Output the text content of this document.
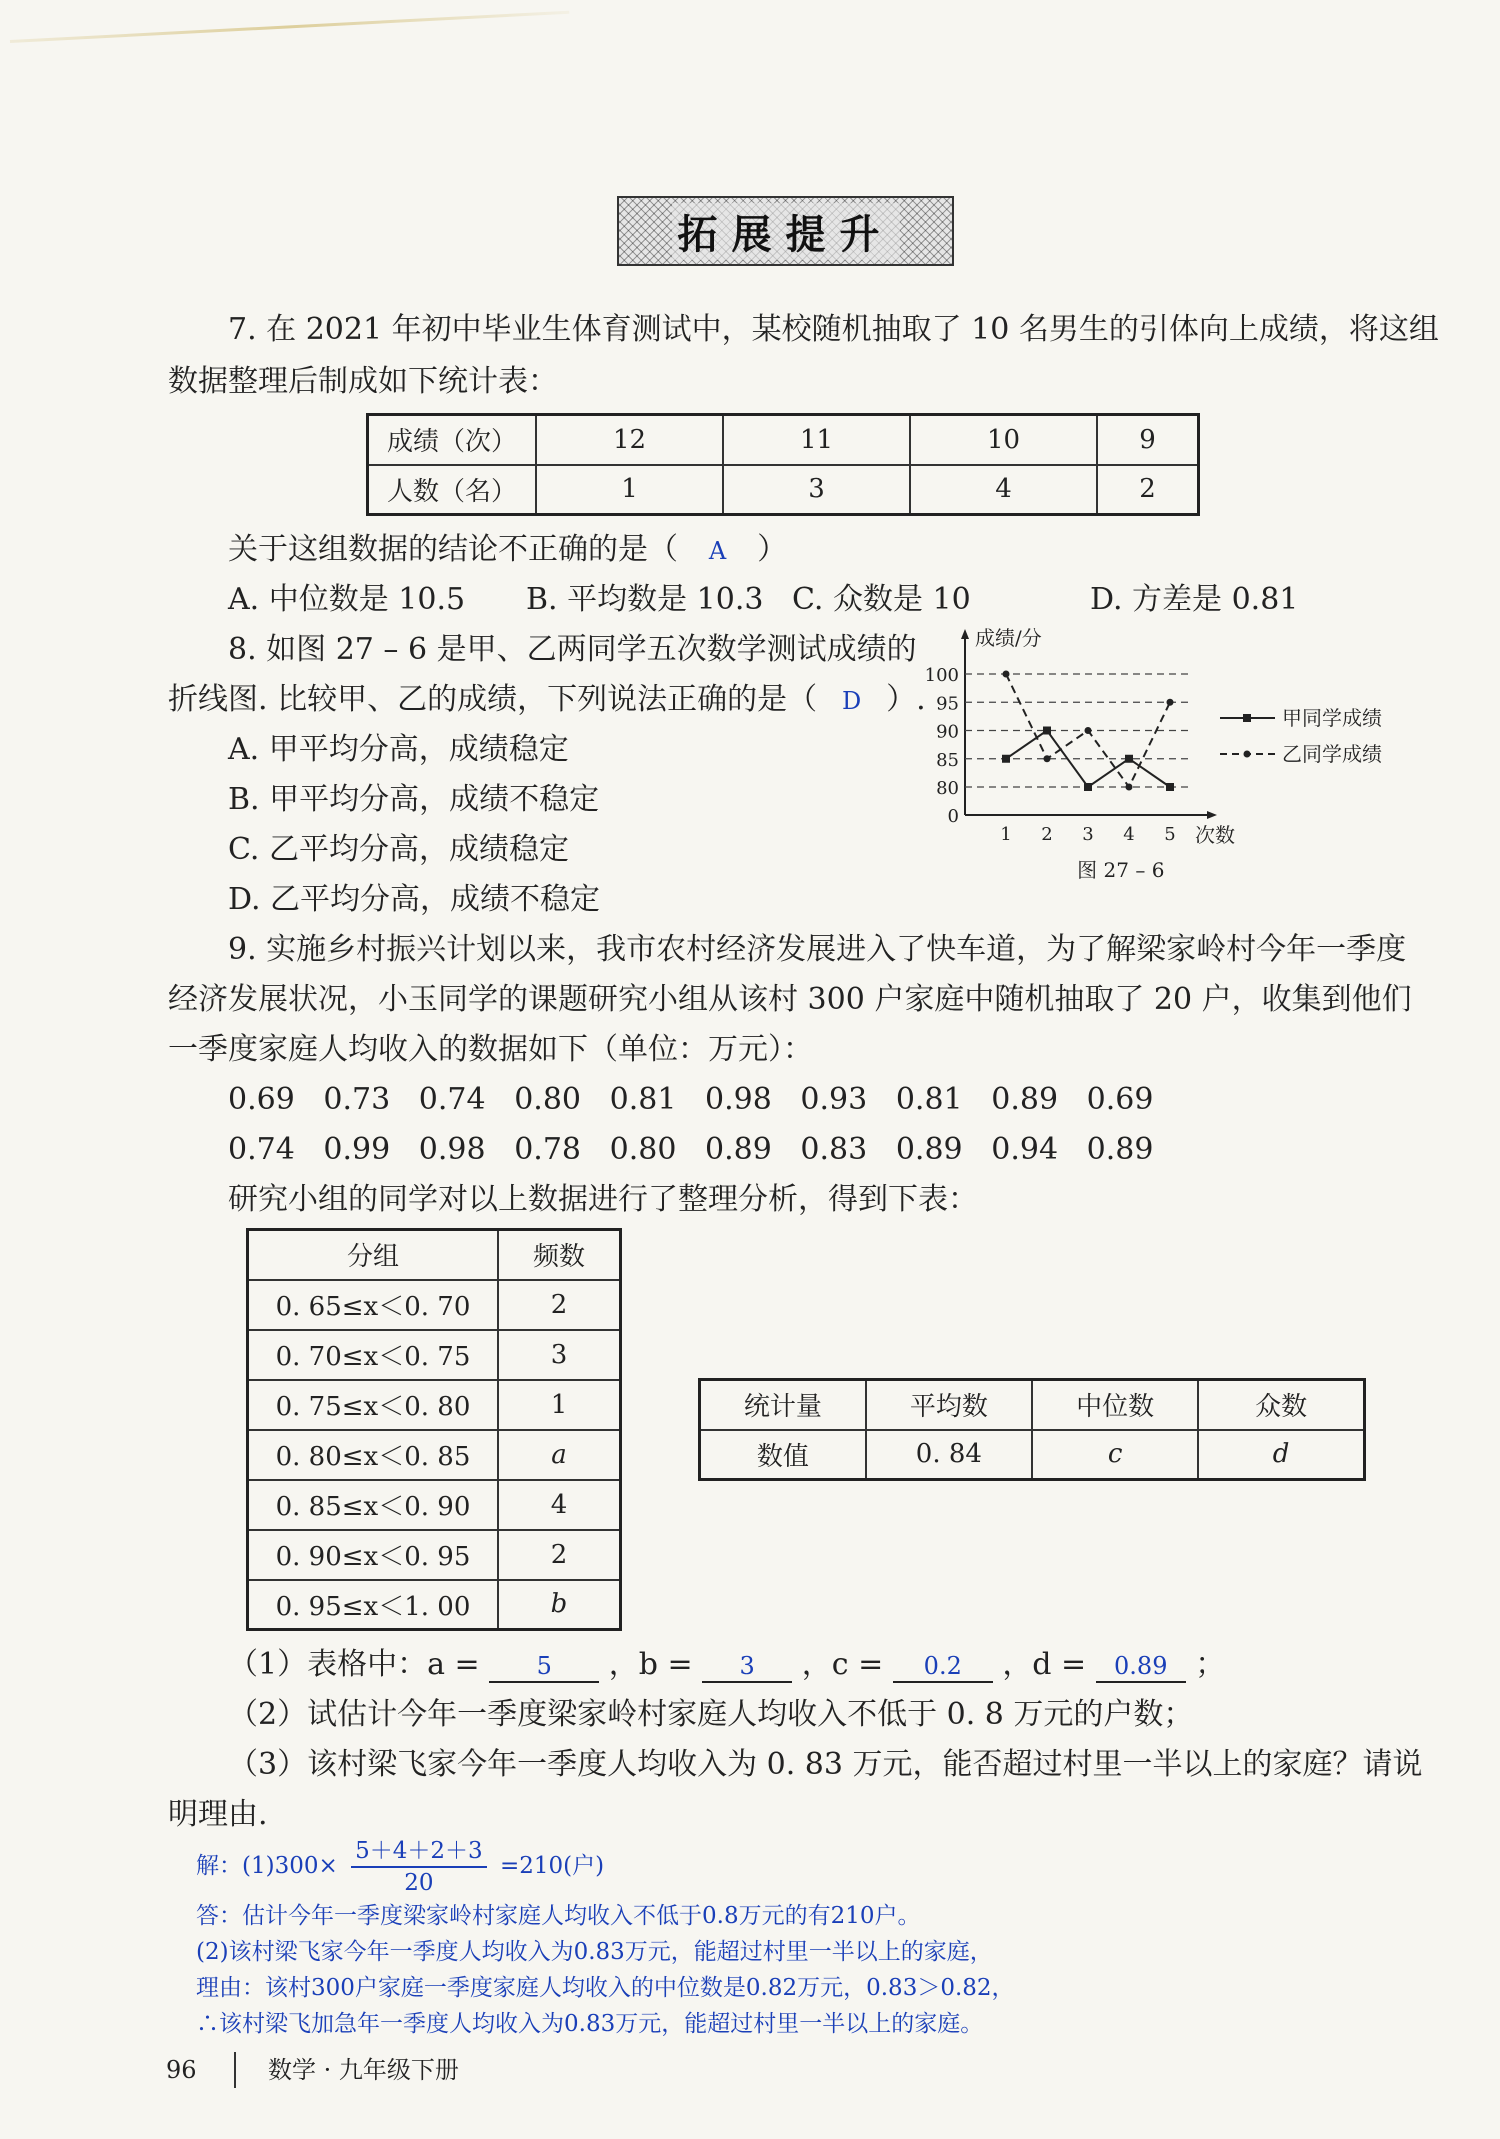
拓展提升
7. 在 2021 年初中毕业生体育测试中，某校随机抽取了 10 名男生的引体向上成绩，将这组
数据整理后制成如下统计表：
成绩（次）	12	11	10	9
人数（名）	1	3	4	2
关于这组数据的结论不正确的是（ A ）
A. 中位数是 10.5 B. 平均数是 10.3 C. 众数是 10	D. 方差是 0.81
8. 如图 27 – 6 是甲、乙两同学五次数学测试成绩的
折线图. 比较甲、乙的成绩，下列说法正确的是（ D ）.
A. 甲平均分高，成绩稳定
B. 甲平均分高，成绩不稳定
C. 乙平均分高，成绩稳定
D. 乙平均分高，成绩不稳定
0
80
85
90
95
100
1 2 3 4 5
成绩/分
次数
图 27 – 6
甲同学成绩
乙同学成绩
9. 实施乡村振兴计划以来，我市农村经济发展进入了快车道，为了解梁家岭村今年一季度
经济发展状况，小玉同学的课题研究小组从该村 300 户家庭中随机抽取了 20 户，收集到他们
一季度家庭人均收入的数据如下（单位：万元）：
0.69   0.73   0.74   0.80   0.81   0.98   0.93   0.81   0.89   0.69
0.74   0.99   0.98   0.78   0.80   0.89   0.83   0.89   0.94   0.89
研究小组的同学对以上数据进行了整理分析，得到下表：
分组	频数
0. 65≤x＜0. 70	2
0. 70≤x＜0. 75	3
0. 75≤x＜0. 80	1
0. 80≤x＜0. 85	a
0. 85≤x＜0. 90	4
0. 90≤x＜0. 95	2
0. 95≤x＜1. 00	b
统计量	平均数	中位数	众数
数值	0. 84	c	d
（1）表格中：a = 5 ，b = 3 ，c = 0.2 ，d = 0.89 ；
（2）试估计今年一季度梁家岭村家庭人均收入不低于 0. 8 万元的户数；
（3）该村梁飞家今年一季度人均收入为 0. 83 万元，能否超过村里一半以上的家庭？请说
明理由.
解：$(1)300\times \frac{5+4+2+3}{20} =210$(户)
答：估计今年一季度梁家岭村家庭人均收入不低于0.8万元的有210户。
(2)该村梁飞家今年一季度人均收入为0.83万元，能超过村里一半以上的家庭，
理由：该村300户家庭一季度家庭人均收入的中位数是0.82万元，0.83＞0.82，
∴该村梁飞加急年一季度人均收入为0.83万元，能超过村里一半以上的家庭。
96	数学 · 九年级下册
